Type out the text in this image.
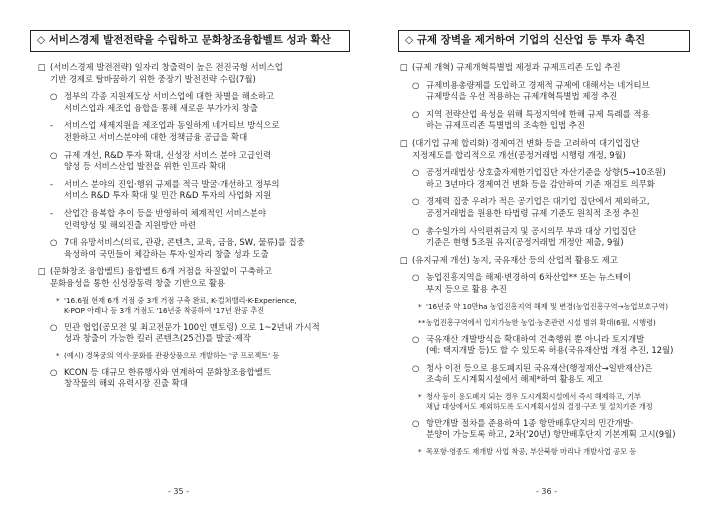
◇ 서비스경제 발전전략을 수립하고 문화창조융합벨트 성과 확산
□ (서비스경제 발전전략) 일자리 창출력이 높은 전진국형 서비스업
기반 경제로 탈바꿈하기 위한 중장기 발전전략 수립(7월)
○ 정부의 각종 지원제도상 서비스업에 대한 차별을 해소하고
서비스업과 제조업 융합을 통해 새로운 부가가치 창출
- 서비스업 세제지원을 제조업과 동일하게 네거티브 방식으로
전환하고 서비스분야에 대한 정책금융 공급을 확대
○ 규제 개선, R&D 투자 확대, 신성장 서비스 분야 고급인력
양성 등 서비스산업 발전을 위한 인프라 확대
- 서비스 분야의 진입·행위 규제를 적극 발굴·개선하고 정부의
서비스 R&D 투자 확대 및 민간 R&D 투자의 사업화 지원
- 산업간 융복합 추이 등을 반영하여 체계적인 서비스분야
인력양성 및 해외진출 지원방안 마련
○ 7대 유망서비스(의료, 관광, 콘텐츠, 교육, 금융, SW, 물류)를 집중
육성하여 국민들이 체감하는 투자·일자리 창출 성과 도출
□ (문화창조 융합벨트) 융합벨트 6개 거점을 차질없이 구축하고
문화융성을 통한 신성장동력 창출 기반으로 활용
* '16.6월 현재 6개 거점 중 3개 거점 구축 완료, K-컬쳐밸리·K-Experience,
K-POP 아레나 등 3개 거점도 '16년중 착공하여 '17년 완공 추진
○ 민관 협업(공모전 및 최고전문가 100인 멘토링) 으로 1~2년내 가시적
성과 창출이 가능한 킬러 콘텐츠(25건)를 발굴·제작
* (예시) 경복궁의 역사·문화를 관광상품으로 개발하는 '궁 프로젝트' 등
○ KCON 등 대규모 한류행사와 연계하여 문화창조융합벨트
창작물의 해외 유력시장 진출 확대
- 35 -
◇ 규제 장벽을 제거하여 기업의 신산업 등 투자 촉진
□ (규제 개혁) 규제개혁특별법 제정과 규제프리존 도입 추진
○ 규제비용총량제를 도입하고 경제적 규제에 대해서는 네거티브
규제방식을 우선 적용하는 규제개혁특별법 제정 추진
○ 지역 전략산업 육성을 위해 특정지역에 한해 규제 특례를 적용
하는 규제프리존 특별법의 조속한 입법 추진
□ (대기업 규제 합리화) 경제여건 변화 등을 고려하여 대기업집단
지정제도를 합리적으로 개선(공정거래법 시행령 개정, 9월)
○ 공정거래법상 상호출자제한기업집단 자산기준을 상향(5→10조원)
하고 3년마다 경제여건 변화 등을 감안하여 기준 재검토 의무화
○ 경제력 집중 우려가 적은 공기업은 대기업 집단에서 제외하고,
공정거래법을 원용한 타법령 규제 기준도 원칙적 조정 추진
○ 총수일가의 사익편취금지 및 공시의무 부과 대상 기업집단
기준은 현행 5조원 유지(공정거래법 개정안 제출, 9월)
□ (유지규제 개선) 농지, 국유재산 등의 산업적 활용도 제고
○ 농업진흥지역을 해제·변경하여 6차산업** 또는 뉴스테이
부지 등으로 활용 추진
* '16년중 약 10만ha 농업진흥지역 해제 및 변경(농업진흥구역→농업보호구역)
** 농업진흥구역에서 입지가능한 농업·농촌관련 시설 범위 확대(6월, 시행령)
○ 국유재산 개발방식을 확대하여 건축행위 뿐 아니라 토지개발
(예: 택지개발 등)도 할 수 있도록 허용(국유재산법 개정 추진, 12월)
○ 청사 이전 등으로 용도폐지된 국유재산(행정재산→일반재산)은
조속히 도시계획시설에서 해제*하여 활용도 제고
* 청사 등이 용도폐지 되는 경우 도시계획시설에서 즉시 해제하고, 기부
채납 대상에서도 제외하도록 도시계획시설의 결정·구조 및 설치기준 개정
○ 항만개발 절차를 준용하여 1종 항만배후단지의 민간개발·
분양이 가능토록 하고, 2차('20년) 항만배후단지 기본계획 고시(9월)
* 목포항·영종도 재개발 사업 착공, 부산북항 마리나 개발사업 공모 등
- 36 -
